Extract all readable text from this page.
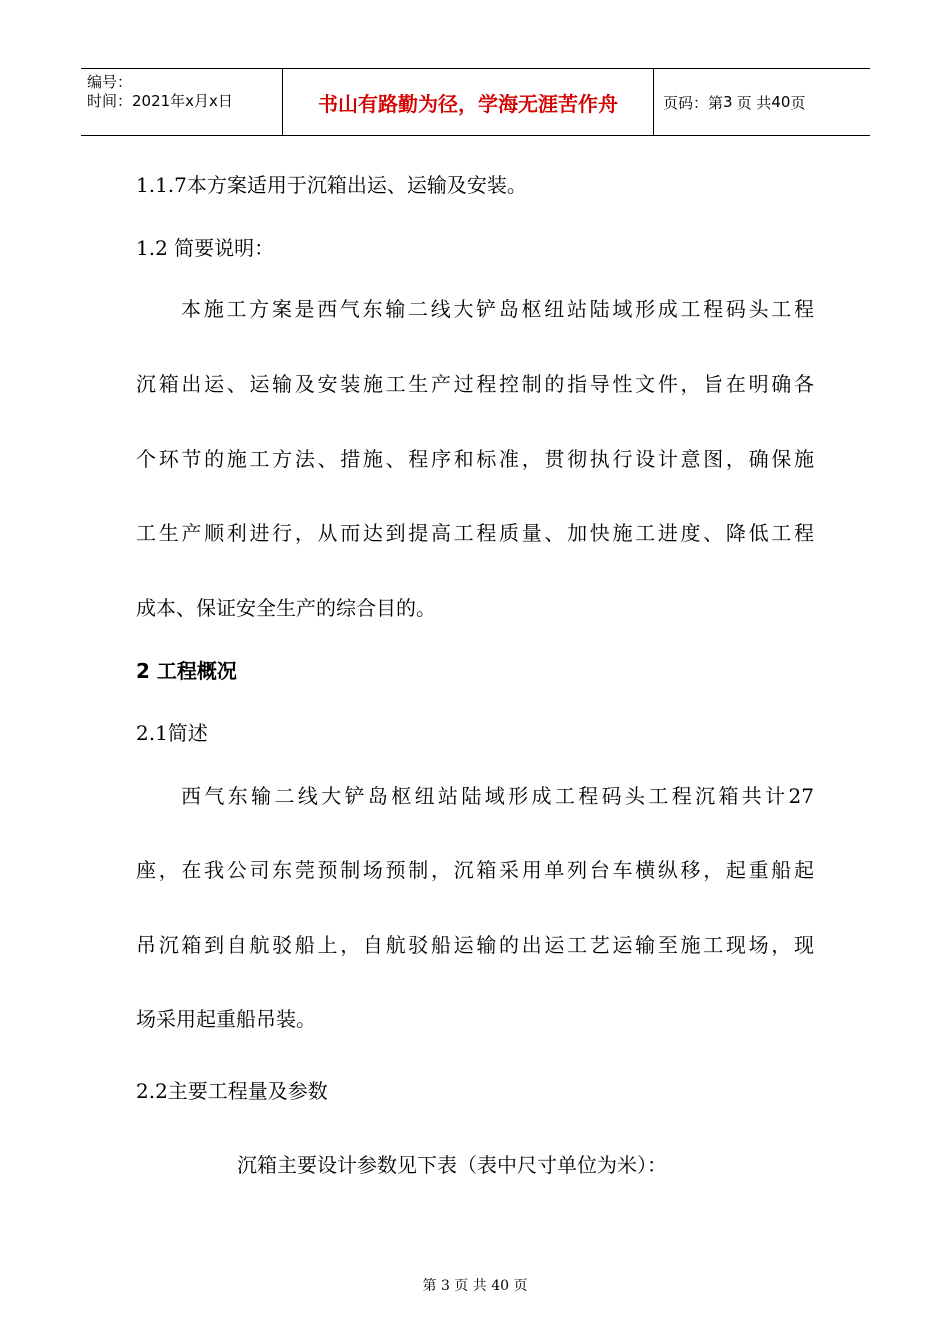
编号：
时间：2021年x月x日	书山有路勤为径，学海无涯苦作舟	页码：第 3 页 共 40 页
1.1.7本方案适用于沉箱出运、运输及安装。
1.2 简要说明：
本施工方案是西气东输二线大铲岛枢纽站陆域形成工程码头工程
沉箱出运、运输及安装施工生产过程控制的指导性文件，旨在明确各
个环节的施工方法、措施、程序和标准，贯彻执行设计意图，确保施
工生产顺利进行，从而达到提高工程质量、加快施工进度、降低工程
成本、保证安全生产的综合目的。
2 工程概况
2.1简述
西气东输二线大铲岛枢纽站陆域形成工程码头工程沉箱共计27
座，在我公司东莞预制场预制，沉箱采用单列台车横纵移，起重船起
吊沉箱到自航驳船上，自航驳船运输的出运工艺运输至施工现场，现
场采用起重船吊装。
2.2主要工程量及参数
沉箱主要设计参数见下表（表中尺寸单位为米）：
第 3 页 共 40 页
